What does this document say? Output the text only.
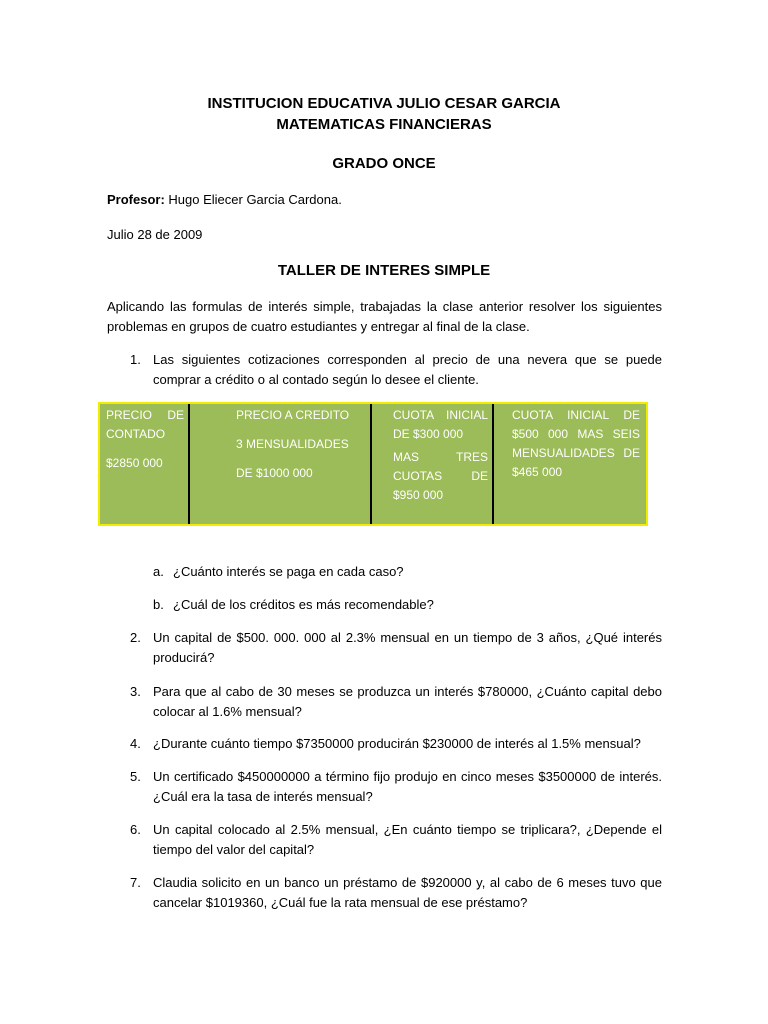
INSTITUCION EDUCATIVA JULIO CESAR GARCIA
MATEMATICAS FINANCIERAS
GRADO ONCE
Profesor: Hugo Eliecer Garcia Cardona.
Julio 28 de 2009
TALLER DE INTERES SIMPLE
Aplicando las formulas de interés simple, trabajadas la clase anterior resolver los siguientes problemas en grupos de cuatro estudiantes y entregar al final de la clase.
1. Las siguientes cotizaciones corresponden al precio de una nevera que se puede comprar a crédito o al contado según lo desee el cliente.
PRECIO DE
CONTADO
$2850 000
PRECIO A CREDITO
3 MENSUALIDADES
DE $1000 000
CUOTA INICIAL
DE $300 000
MAS TRES
CUOTAS DE
$950 000
CUOTA INICIAL DE
$500 000 MAS SEIS
MENSUALIDADES DE
$465 000
a. ¿Cuánto interés se paga en cada caso?
b. ¿Cuál de los créditos es más recomendable?
2. Un capital de $500. 000. 000 al 2.3% mensual en un tiempo de 3 años, ¿Qué interés producirá?
3. Para que al cabo de 30 meses se produzca un interés $780000, ¿Cuánto capital debo colocar al 1.6% mensual?
4. ¿Durante cuánto tiempo $7350000 producirán $230000 de interés al 1.5% mensual?
5. Un certificado $450000000 a término fijo produjo en cinco meses $3500000 de interés. ¿Cuál era la tasa de interés mensual?
6. Un capital colocado al 2.5% mensual, ¿En cuánto tiempo se triplicara?, ¿Depende el tiempo del valor del capital?
7. Claudia solicito en un banco un préstamo de $920000 y, al cabo de 6 meses tuvo que cancelar $1019360, ¿Cuál fue la rata mensual de ese préstamo?
